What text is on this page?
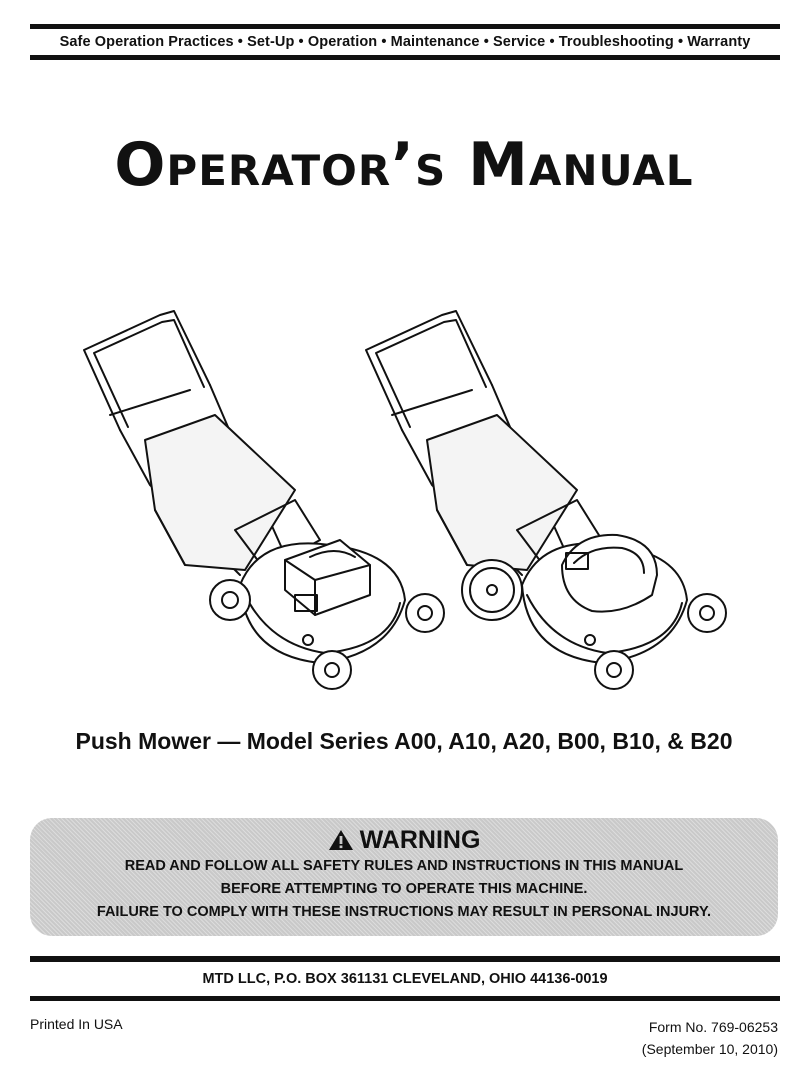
Safe Operation Practices • Set-Up • Operation • Maintenance • Service • Troubleshooting • Warranty
Operator’s Manual
Push Mower — Model Series A00, A10, A20, B00, B10, & B20
WARNING
READ AND FOLLOW ALL SAFETY RULES AND INSTRUCTIONS IN THIS MANUAL
BEFORE ATTEMPTING TO OPERATE THIS MACHINE.
FAILURE TO COMPLY WITH THESE INSTRUCTIONS MAY RESULT IN PERSONAL INJURY.
MTD LLC, P.O. BOX 361131 CLEVELAND, OHIO 44136-0019
Printed In USA	Form No. 769-06253
(September 10, 2010)
